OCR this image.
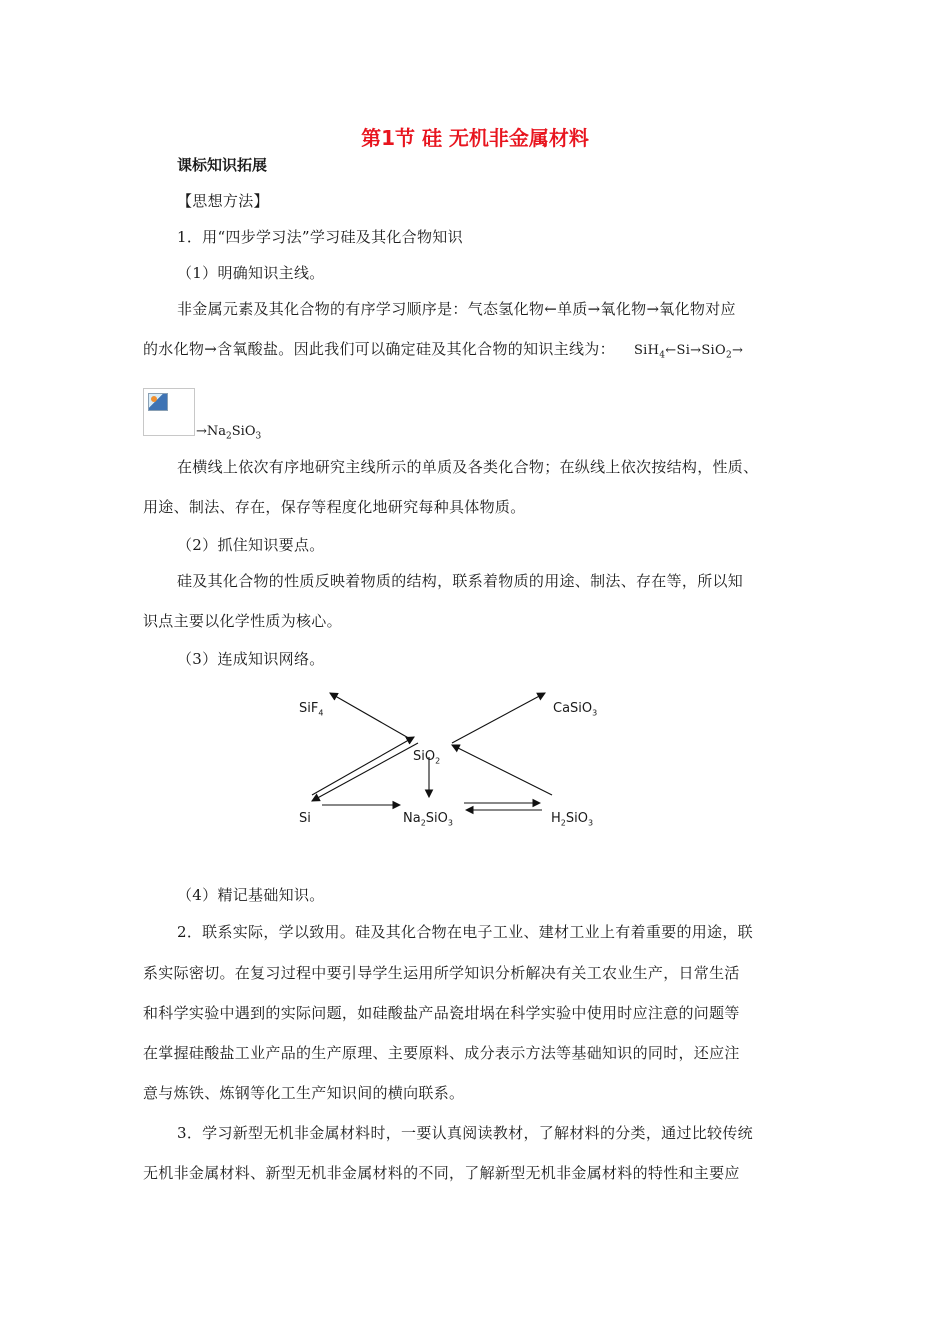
第1节 硅 无机非金属材料
课标知识拓展
【思想方法】
1．用“四步学习法”学习硅及其化合物知识
（1）明确知识主线。
非金属元素及其化合物的有序学习顺序是：气态氢化物←单质→氧化物→氧化物对应
的水化物→含氧酸盐。因此我们可以确定硅及其化合物的知识主线为： SiH$_4$←Si→SiO$_2$→
$\to Na_2SiO_3$
在横线上依次有序地研究主线所示的单质及各类化合物；在纵线上依次按结构，性质、
用途、制法、存在，保存等程度化地研究每种具体物质。
（2）抓住知识要点。
硅及其化合物的性质反映着物质的结构，联系着物质的用途、制法、存在等，所以知
识点主要以化学性质为核心。
（3）连成知识网络。
SiF$_4$	CaSiO$_3$
SiO$_2$
Si	$Na_2SiO_3$	$H_2SiO_3$
（4）精记基础知识。
2．联系实际，学以致用。硅及其化合物在电子工业、建材工业上有着重要的用途，联
系实际密切。在复习过程中要引导学生运用所学知识分析解决有关工农业生产，日常生活
和科学实验中遇到的实际问题，如硅酸盐产品瓷坩埚在科学实验中使用时应注意的问题等
在掌握硅酸盐工业产品的生产原理、主要原料、成分表示方法等基础知识的同时，还应注
意与炼铁、炼钢等化工生产知识间的横向联系。
3．学习新型无机非金属材料时，一要认真阅读教材，了解材料的分类，通过比较传统
无机非金属材料、新型无机非金属材料的不同，了解新型无机非金属材料的特性和主要应
